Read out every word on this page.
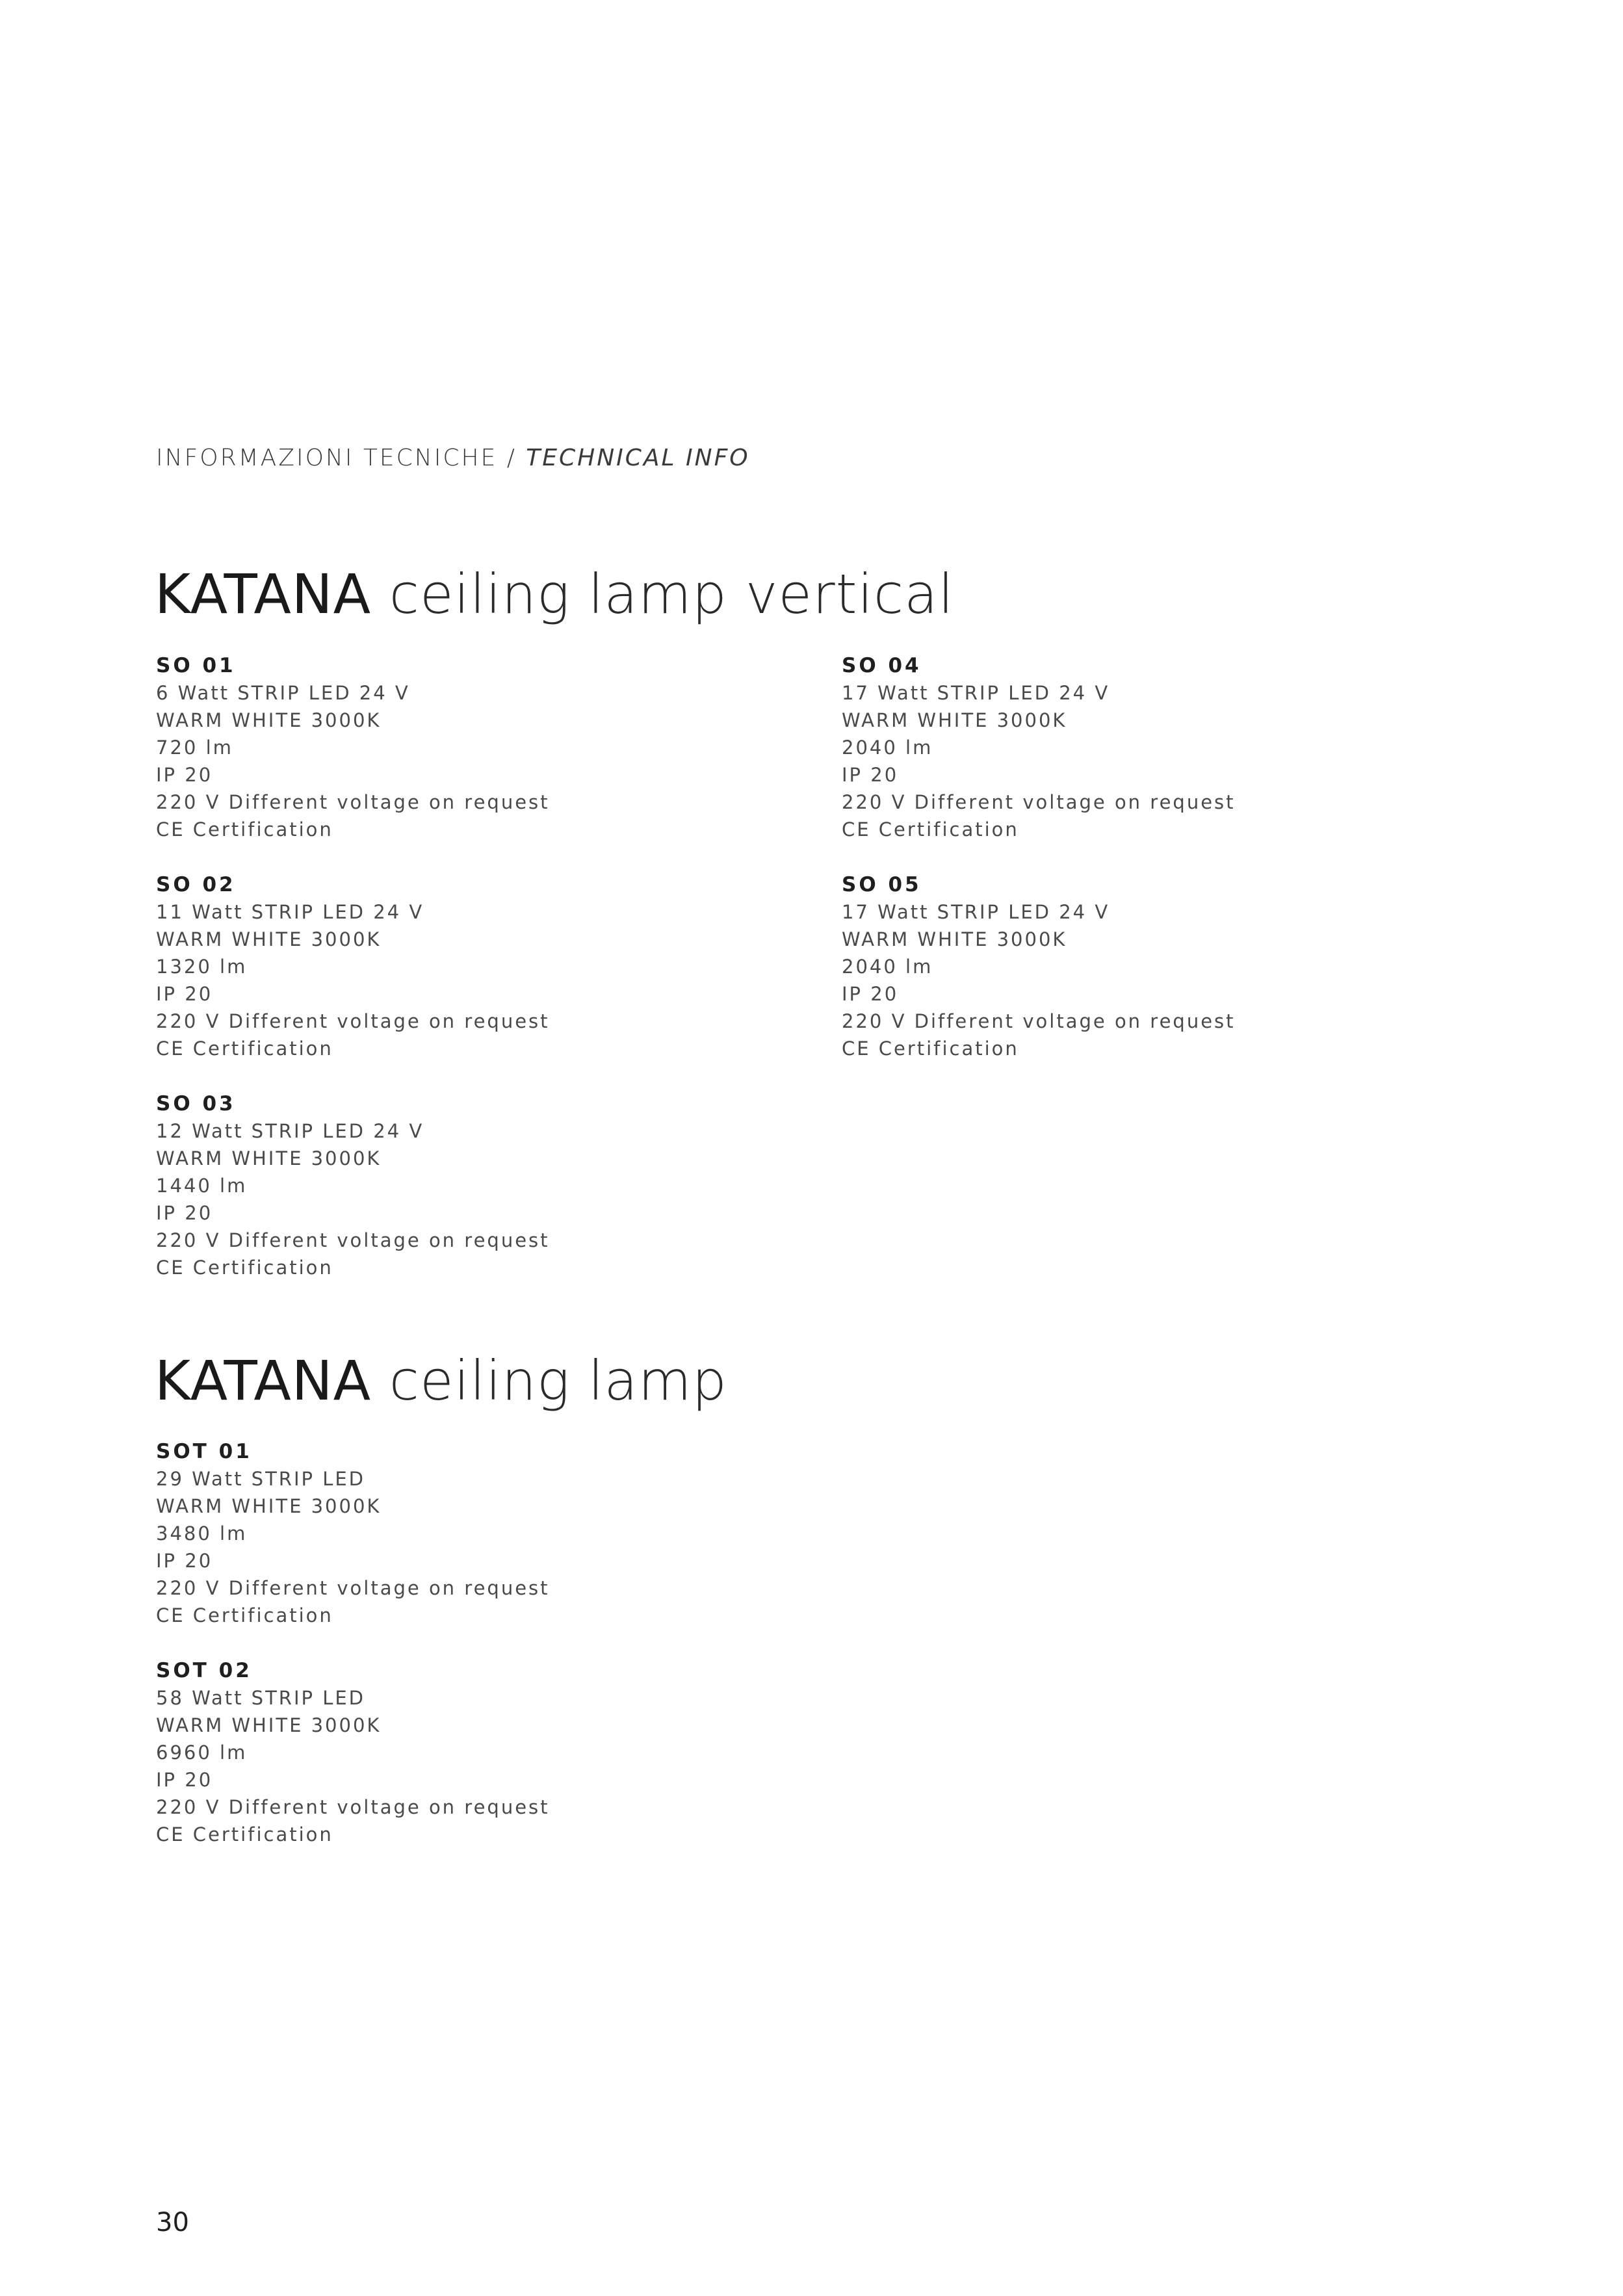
INFORMAZIONI TECNICHE / TECHNICAL INFO
KATANA ceiling lamp vertical
SO 01
6 Watt STRIP LED 24 V
WARM WHITE 3000K
720 lm
IP 20
220 V Different voltage on request
CE Certification
SO 02
11 Watt STRIP LED 24 V
WARM WHITE 3000K
1320 lm
IP 20
220 V Different voltage on request
CE Certification
SO 03
12 Watt STRIP LED 24 V
WARM WHITE 3000K
1440 lm
IP 20
220 V Different voltage on request
CE Certification
SO 04
17 Watt STRIP LED 24 V
WARM WHITE 3000K
2040 lm
IP 20
220 V Different voltage on request
CE Certification
SO 05
17 Watt STRIP LED 24 V
WARM WHITE 3000K
2040 lm
IP 20
220 V Different voltage on request
CE Certification
KATANA ceiling lamp
SOT 01
29 Watt STRIP LED
WARM WHITE 3000K
3480 lm
IP 20
220 V Different voltage on request
CE Certification
SOT 02
58 Watt STRIP LED
WARM WHITE 3000K
6960 lm
IP 20
220 V Different voltage on request
CE Certification
30
